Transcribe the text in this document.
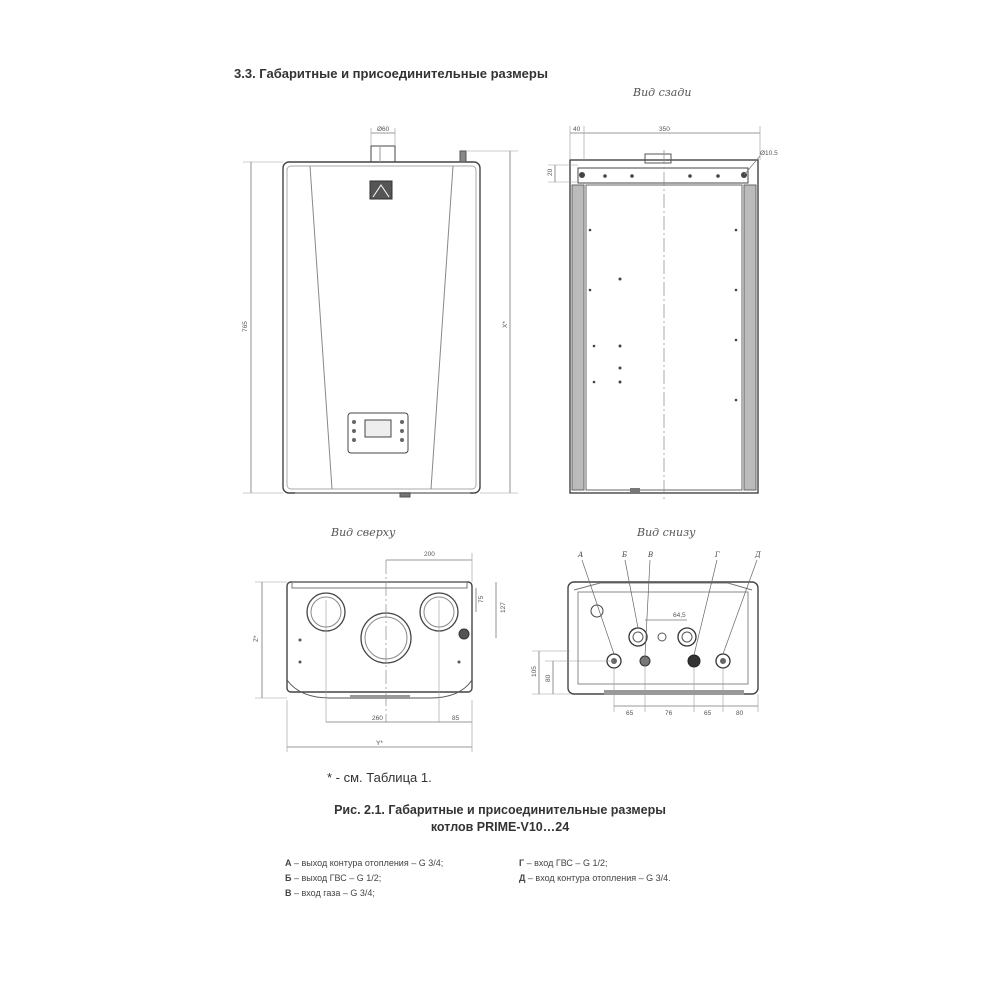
Ø60
765	Х*
40	350
Ø10.5
20
200
75
127
Z*
260	85
Y*
64,5
105
80
65	76	65	80
А	Б	В	Г	Д
3.3. Габаритные и присоединительные размеры
Вид сзади
Вид сверху	Вид снизу
* - см. Таблица 1.
Рис. 2.1. Габаритные и присоединительные размеры
котлов PRIME-V10…24
А – выход контура отопления – G 3/4;
Б – выход ГВС – G 1/2;
В – вход газа – G 3/4;
Г – вход ГВС – G 1/2;
Д – вход контура отопления – G 3/4.
